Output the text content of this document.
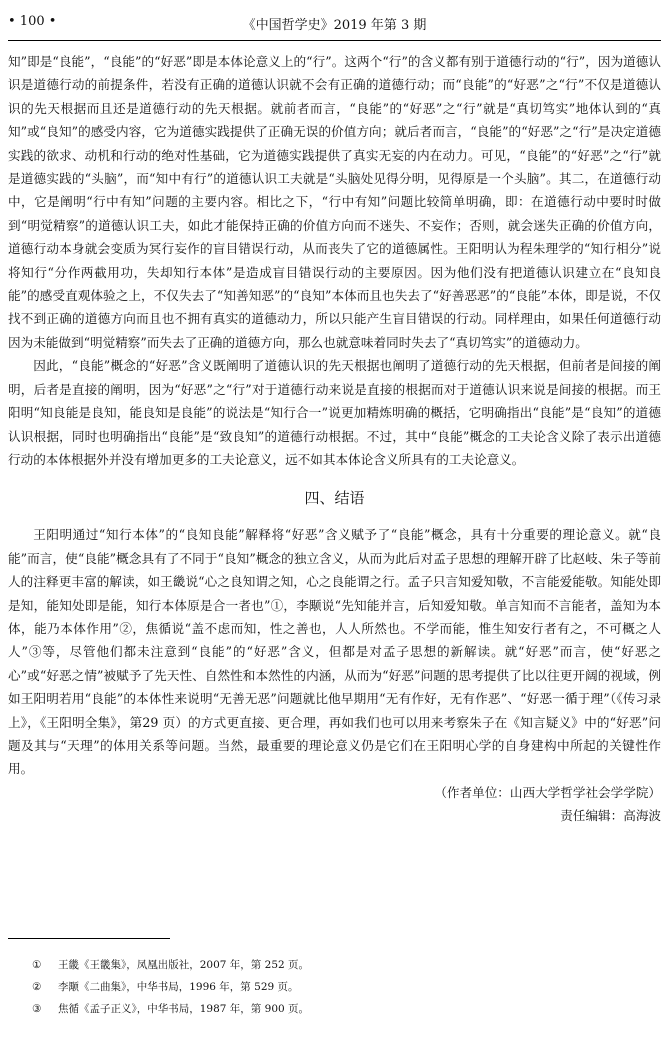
• 100 •	《中国哲学史》2019 年第 3 期

知”即是“良能”，“良能”的“好恶”即是本体论意义上的“行”。这两个“行”的含义都有别于道德行动的“行”，因为道德认识是道德行动的前提条件，若没有正确的道德认识就不会有正确的道德行动；而“良能”的“好恶”之“行”不仅是道德认识的先天根据而且还是道德行动的先天根据。就前者而言，“良能”的“好恶”之“行”就是“真切笃实”地体认到的“真知”或“良知”的感受内容，它为道德实践提供了正确无误的价值方向；就后者而言，“良能”的“好恶”之“行”是决定道德实践的欲求、动机和行动的绝对性基础，它为道德实践提供了真实无妄的内在动力。可见，“良能”的“好恶”之“行”就是道德实践的“头脑”，而“知中有行”的道德认识工夫就是“头脑处见得分明，见得原是一个头脑”。其二，在道德行动中，它是阐明“行中有知”问题的主要内容。相比之下，“行中有知”问题比较简单明确，即：在道德行动中要时时做到“明觉精察”的道德认识工夫，如此才能保持正确的价值方向而不迷失、不妄作；否则，就会迷失正确的价值方向，道德行动本身就会变质为冥行妄作的盲目错误行动，从而丧失了它的道德属性。王阳明认为程朱理学的“知行相分”说将知行“分作两截用功，失却知行本体”是造成盲目错误行动的主要原因。因为他们没有把道德认识建立在“良知良能”的感受直观体验之上，不仅失去了“知善知恶”的“良知”本体而且也失去了“好善恶恶”的“良能”本体，即是说，不仅找不到正确的道德方向而且也不拥有真实的道德动力，所以只能产生盲目错误的行动。同样理由，如果任何道德行动因为未能做到“明觉精察”而失去了正确的道德方向，那么也就意味着同时失去了“真切笃实”的道德动力。

因此，“良能”概念的“好恶”含义既阐明了道德认识的先天根据也阐明了道德行动的先天根据，但前者是间接的阐明，后者是直接的阐明，因为“好恶”之“行”对于道德行动来说是直接的根据而对于道德认识来说是间接的根据。而王阳明“知良能是良知，能良知是良能”的说法是“知行合一”说更加精炼明确的概括，它明确指出“良能”是“良知”的道德认识根据，同时也明确指出“良能”是“致良知”的道德行动根据。不过，其中“良能”概念的工夫论含义除了表示出道德行动的本体根据外并没有增加更多的工夫论意义，远不如其本体论含义所具有的工夫论意义。

四、结语

王阳明通过“知行本体”的“良知良能”解释将“好恶”含义赋予了“良能”概念，具有十分重要的理论意义。就“良能”而言，使“良能”概念具有了不同于“良知”概念的独立含义，从而为此后对孟子思想的理解开辟了比赵岐、朱子等前人的注释更丰富的解读，如王畿说“心之良知谓之知，心之良能谓之行。孟子只言知爱知敬，不言能爱能敬。知能处即是知，能知处即是能，知行本体原是合一者也”①，李颙说“先知能并言，后知爱知敬。单言知而不言能者，盖知为本体，能乃本体作用”②，焦循说“盖不虑而知，性之善也，人人所然也。不学而能，惟生知安行者有之，不可概之人人”③等，尽管他们都未注意到“良能”的“好恶”含义，但都是对孟子思想的新解读。就“好恶”而言，使“好恶之心”或“好恶之情”被赋予了先天性、自然性和本然性的内涵，从而为“好恶”问题的思考提供了比以往更开阔的视域，例如王阳明若用“良能”的本体性来说明“无善无恶”问题就比他早期用“无有作好，无有作恶”、“好恶一循于理”（《传习录上》，《王阳明全集》，第29 页）的方式更直接、更合理，再如我们也可以用来考察朱子在《知言疑义》中的“好恶”问题及其与“天理”的体用关系等问题。当然，最重要的理论意义仍是它们在王阳明心学的自身建构中所起的关键性作用。

（作者单位：山西大学哲学社会学学院）

责任编辑：高海波

① 王畿《王畿集》，凤凰出版社，2007 年，第 252 页。
② 李颙《二曲集》，中华书局，1996 年，第 529 页。
③ 焦循《孟子正义》，中华书局，1987 年，第 900 页。
